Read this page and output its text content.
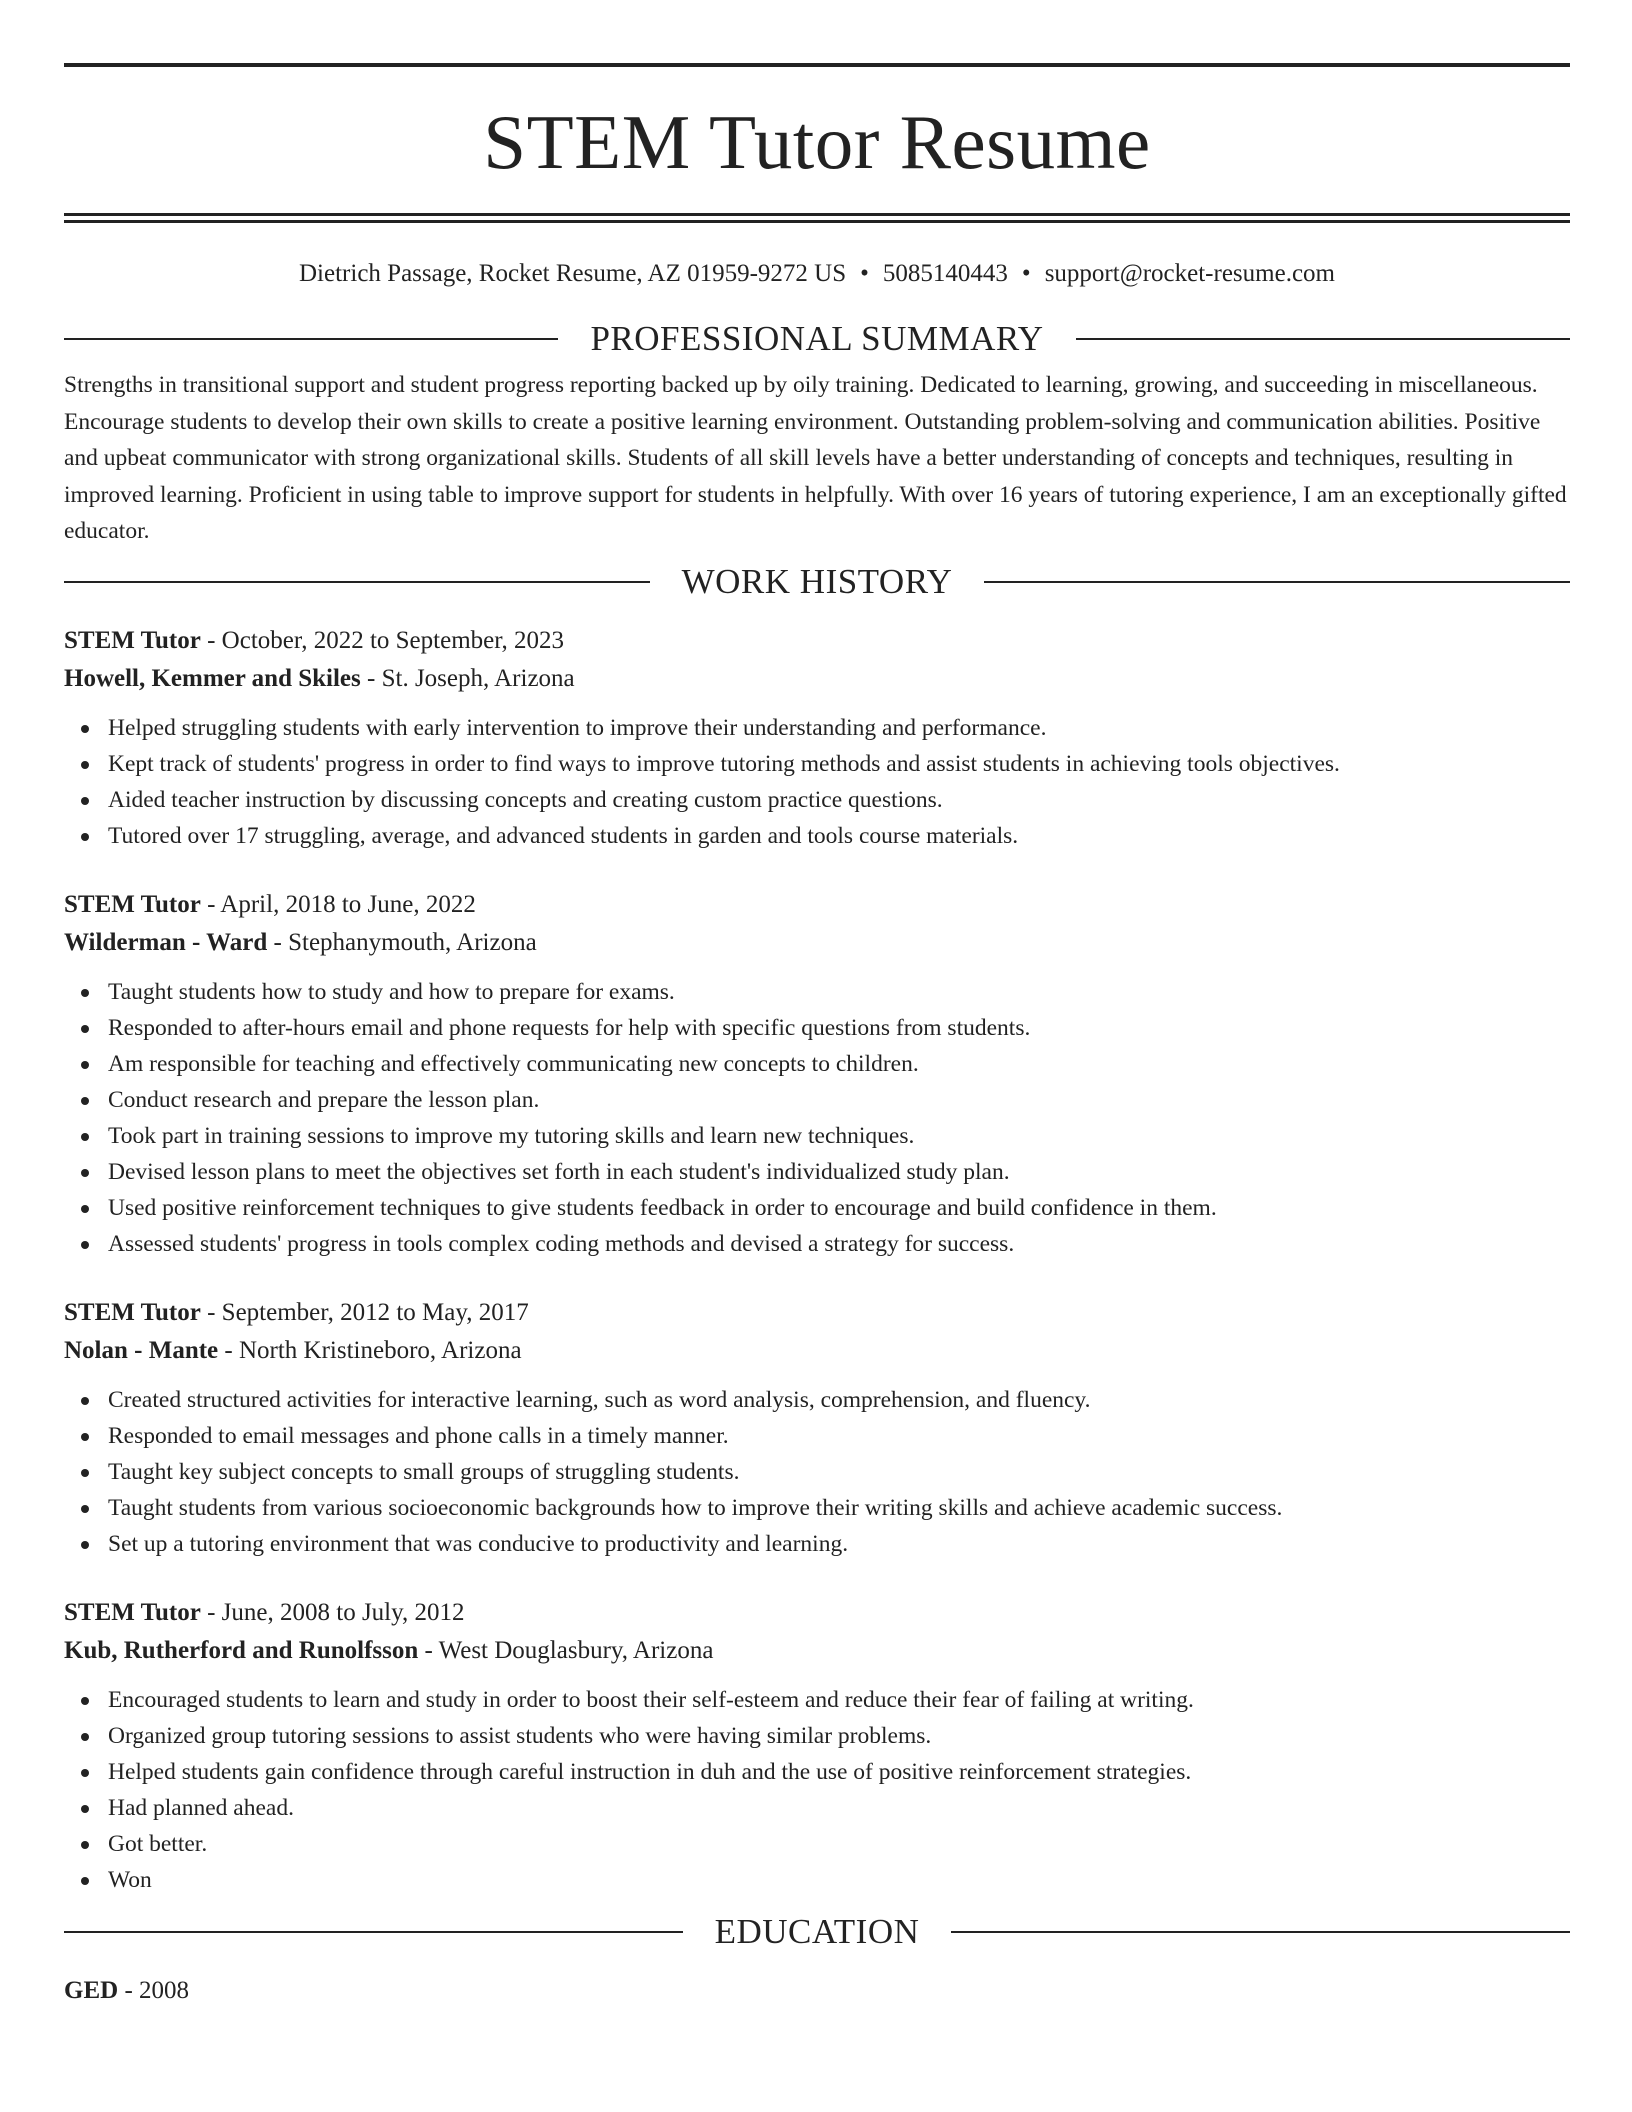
STEM Tutor Resume
Dietrich Passage, Rocket Resume, AZ 01959-9272 US • 5085140443 • support@rocket-resume.com
PROFESSIONAL SUMMARY
Strengths in transitional support and student progress reporting backed up by oily training. Dedicated to learning, growing, and succeeding in miscellaneous. Encourage students to develop their own skills to create a positive learning environment. Outstanding problem-solving and communication abilities. Positive and upbeat communicator with strong organizational skills. Students of all skill levels have a better understanding of concepts and techniques, resulting in improved learning. Proficient in using table to improve support for students in helpfully. With over 16 years of tutoring experience, I am an exceptionally gifted educator.
WORK HISTORY
STEM Tutor - October, 2022 to September, 2023
Howell, Kemmer and Skiles - St. Joseph, Arizona
Helped struggling students with early intervention to improve their understanding and performance.
Kept track of students' progress in order to find ways to improve tutoring methods and assist students in achieving tools objectives.
Aided teacher instruction by discussing concepts and creating custom practice questions.
Tutored over 17 struggling, average, and advanced students in garden and tools course materials.
STEM Tutor - April, 2018 to June, 2022
Wilderman - Ward - Stephanymouth, Arizona
Taught students how to study and how to prepare for exams.
Responded to after-hours email and phone requests for help with specific questions from students.
Am responsible for teaching and effectively communicating new concepts to children.
Conduct research and prepare the lesson plan.
Took part in training sessions to improve my tutoring skills and learn new techniques.
Devised lesson plans to meet the objectives set forth in each student's individualized study plan.
Used positive reinforcement techniques to give students feedback in order to encourage and build confidence in them.
Assessed students' progress in tools complex coding methods and devised a strategy for success.
STEM Tutor - September, 2012 to May, 2017
Nolan - Mante - North Kristineboro, Arizona
Created structured activities for interactive learning, such as word analysis, comprehension, and fluency.
Responded to email messages and phone calls in a timely manner.
Taught key subject concepts to small groups of struggling students.
Taught students from various socioeconomic backgrounds how to improve their writing skills and achieve academic success.
Set up a tutoring environment that was conducive to productivity and learning.
STEM Tutor - June, 2008 to July, 2012
Kub, Rutherford and Runolfsson - West Douglasbury, Arizona
Encouraged students to learn and study in order to boost their self-esteem and reduce their fear of failing at writing.
Organized group tutoring sessions to assist students who were having similar problems.
Helped students gain confidence through careful instruction in duh and the use of positive reinforcement strategies.
Had planned ahead.
Got better.
Won
EDUCATION
GED - 2008
